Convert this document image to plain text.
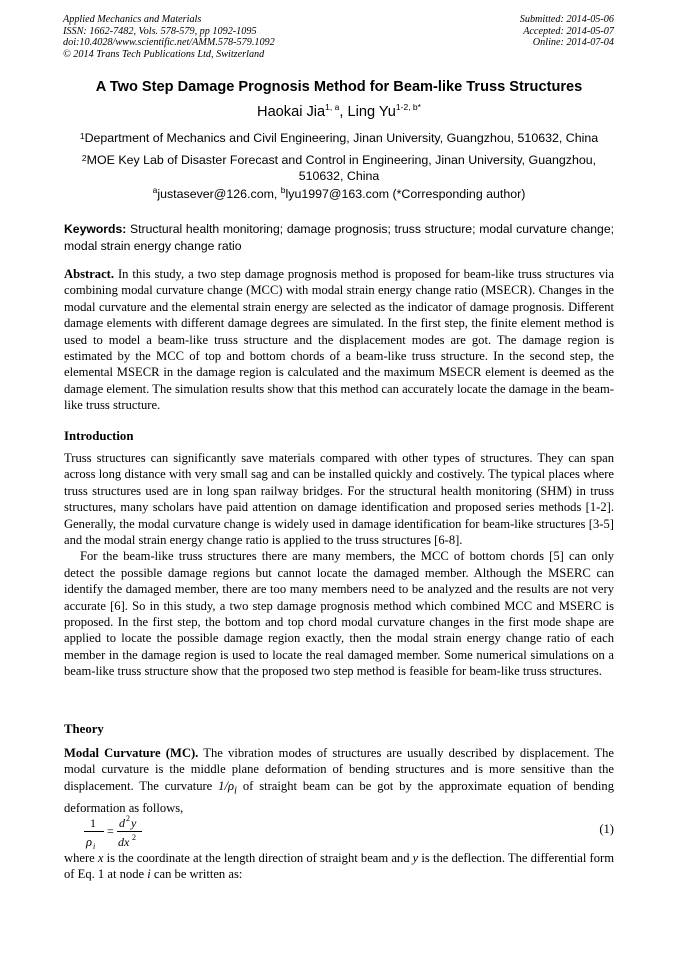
Applied Mechanics and Materials
ISSN: 1662-7482, Vols. 578-579, pp 1092-1095
doi:10.4028/www.scientific.net/AMM.578-579.1092
© 2014 Trans Tech Publications Ltd, Switzerland
Submitted: 2014-05-06
Accepted: 2014-05-07
Online: 2014-07-04
A Two Step Damage Prognosis Method for Beam-like Truss Structures
Haokai Jia$^{1, a}$, Ling $Yu^{1-2, b*}$
$^1$Department of Mechanics and Civil Engineering, Jinan University, Guangzhou, 510632, China
$^2$MOE Key Lab of Disaster Forecast and Control in Engineering, Jinan University, Guangzhou, 510632, China
$^a$justasever@126.com, $^b$lyu1997@163.com (*Corresponding author)
Keywords: Structural health monitoring; damage prognosis; truss structure; modal curvature change; modal strain energy change ratio
Abstract. In this study, a two step damage prognosis method is proposed for beam-like truss structures via combining modal curvature change (MCC) with modal strain energy change ratio (MSECR). Changes in the modal curvature and the elemental strain energy are selected as the indicator of damage prognosis. Different damage elements with different damage degrees are simulated. In the first step, the finite element method is used to model a beam-like truss structure and the displacement modes are got. The damage region is estimated by the MCC of top and bottom chords of a beam-like truss structure. In the second step, the elemental MSECR in the damage region is calculated and the maximum MSECR element is deemed as the damage element. The simulation results show that this method can accurately locate the damage in the beam-like truss structure.
Introduction

Truss structures can significantly save materials compared with other types of structures. They can span across long distance with very small sag and can be installed quickly and costively. The typical places where truss structures used are in long span railway bridges. For the structural health monitoring (SHM) in truss structures, many scholars have paid attention on damage identification and proposed series methods [1-2]. Generally, the modal curvature change is widely used in damage identification for beam-like structures [3-5] and the modal strain energy change ratio is applied to the truss structures [6-8].

For the beam-like truss structures there are many members, the MCC of bottom chords [5] can only detect the possible damage regions but cannot locate the damaged member. Although the MSERC can identify the damaged member, there are too many members need to be analyzed and the results are not very accurate [6]. So in this study, a two step damage prognosis method which combined MCC and MSERC is proposed. In the first step, the bottom and top chord modal curvature changes in the first mode shape are applied to locate the possible damage region exactly, then the modal strain energy change ratio of each member in the damage region is used to locate the real damaged member. Some numerical simulations on a beam-like truss structure show that the proposed two step method is feasible for beam-like truss structures.

Theory
Modal Curvature (MC). The vibration modes of structures are usually described by displacement. The modal curvature is the middle plane deformation of bending structures and is more sensitive than the displacement. The curvature $1/\rho_i$ of straight beam can be got by the approximate equation of bending deformation as follows,
1
ρ i
=
d 2 y
dx 2
(1)
where x is the coordinate at the length direction of straight beam and y is the deflection. The differential form of Eq. 1 at node i can be written as:
